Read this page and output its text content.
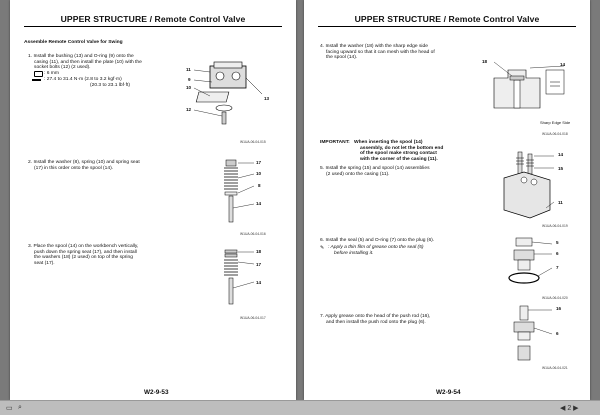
UPPER STRUCTURE / Remote Control Valve
Assemble Remote Control Valve for Swing
1. Install the bushing (13) and O-ring (9) onto the
casing (11), and then install the plate (10) with the
socket bolts (12) (2 used).
: 6 mm
: 27.4 to 31.4 N·m (2.8 to 3.2 kgf·m)
(20.3 to 23.1 lbf·ft)
11
9
10
12
13
W1UA-06-04-015
2. Install the washer (8), spring (10) and spring seat
(17) in this order onto the spool (14).
17
10
8
14
W1UA-06-04-016
3. Place the spool (14) on the workbench vertically,
push down the spring seat (17), and then install
the washers (18) (2 used) on top of the spring
seat (17).
18
17
14
W1UA-06-04-017
W2-9-53
UPPER STRUCTURE / Remote Control Valve
4. Install the washer (18) with the sharp edge side
facing upward so that it can mesh with the head of
the spool (14).
18
14
Sharp Edge Side
W1UA-06-04-018
IMPORTANT: When inserting the spool (14)
assembly, do not let the bottom end
of the spool make strong contact
with the corner of the casing (11).
5. Install the spring (15) and spool (14) assemblies
(2 used) onto the casing (11).
14
15
11
W1UA-06-04-019
6. Install the seal (5) and O-ring (7) onto the plug (6).
✎ : Apply a thin film of grease onto the seal (5)
before installing it.
5
6
7
W1UA-06-04-020
7. Apply grease onto the head of the push rod (16),
and then install the push rod onto the plug (6).
16
6
W1UA-06-04-021
W2-9-54
▭ ⌕	◀ 2 ▶
